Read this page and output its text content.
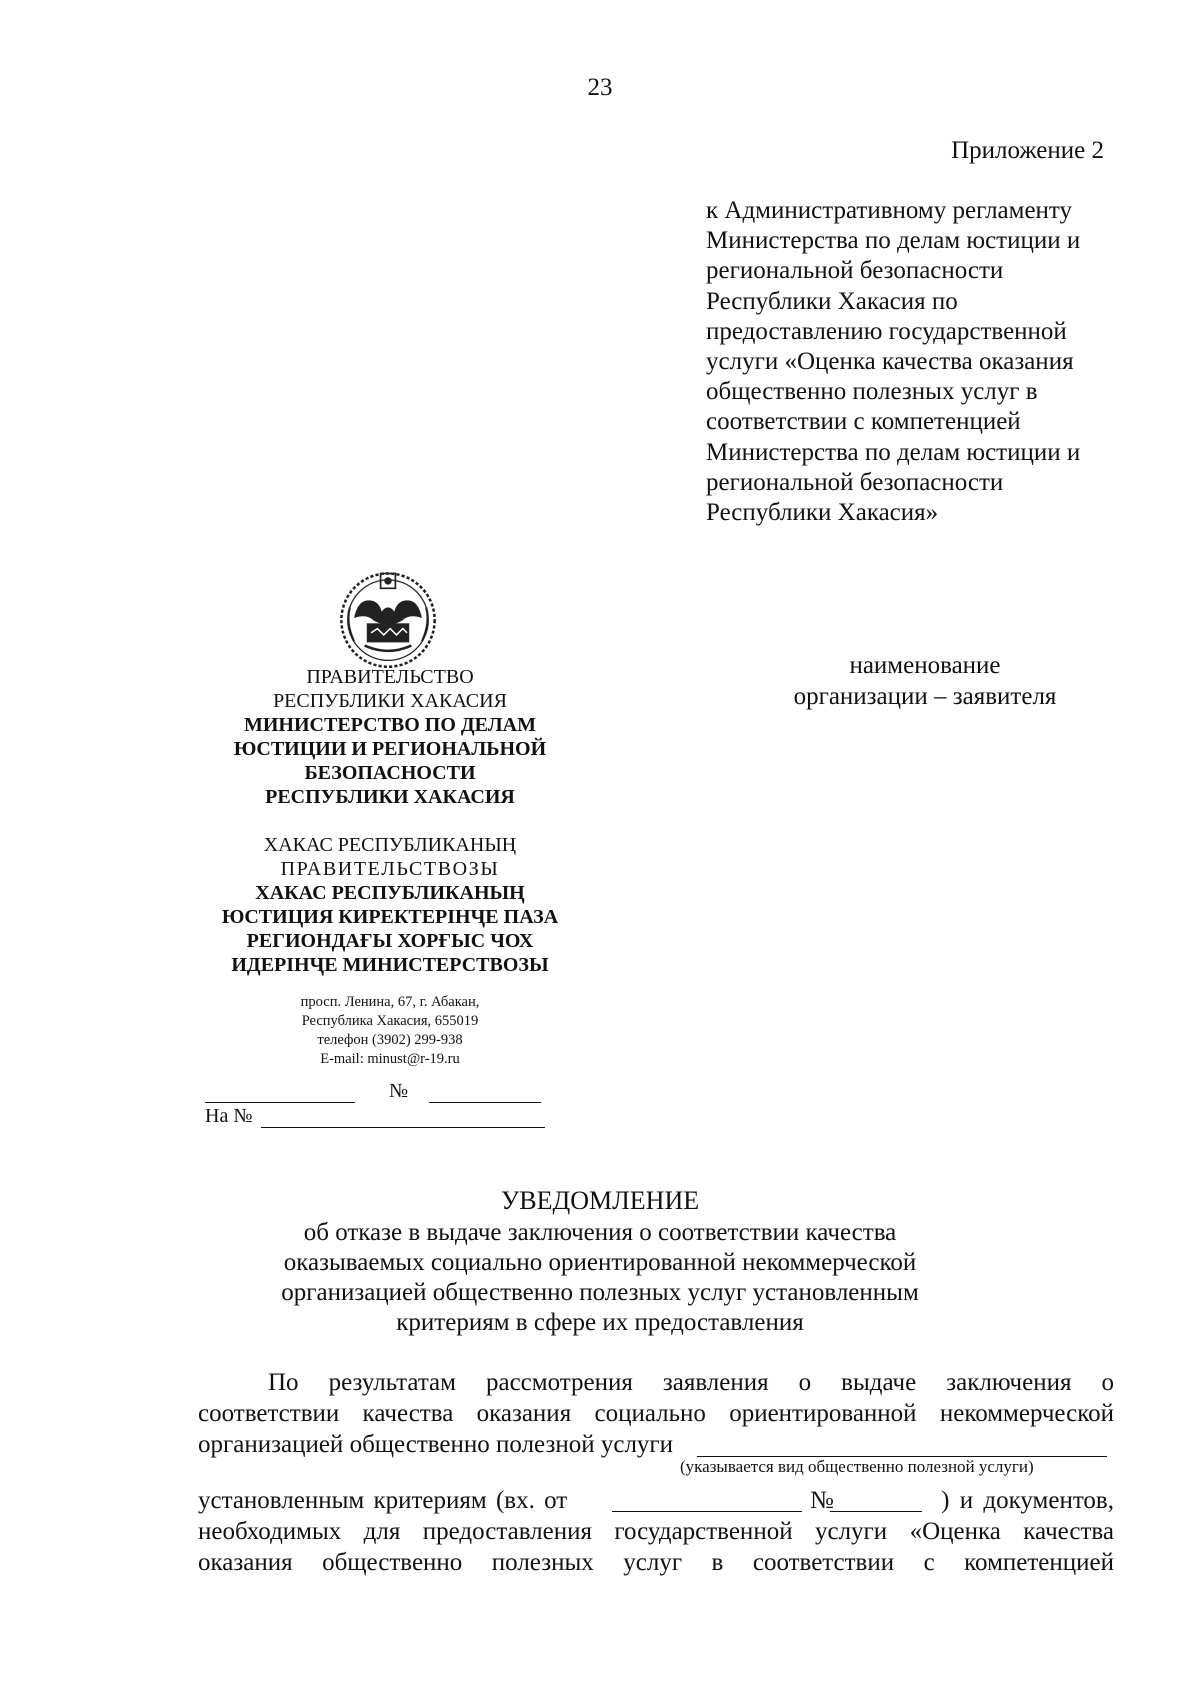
23
Приложение 2
к Административному регламенту
Министерства по делам юстиции и
региональной безопасности
Республики Хакасия по
предоставлению государственной
услуги «Оценка качества оказания
общественно полезных услуг в
соответствии с компетенцией
Министерства по делам юстиции и
региональной безопасности
Республики Хакасия»
наименование
организации – заявителя
ПРАВИТЕЛЬСТВО
РЕСПУБЛИКИ ХАКАСИЯ
МИНИСТЕРСТВО ПО ДЕЛАМ
ЮСТИЦИИ И РЕГИОНАЛЬНОЙ
БЕЗОПАСНОСТИ
РЕСПУБЛИКИ ХАКАСИЯ
ХАКАС РЕСПУБЛИКАНЫҢ
ПРАВИТЕЛЬСТВОЗЫ
ХАКАС РЕСПУБЛИКАНЫҢ
ЮСТИЦИЯ КИРЕКТЕРІНҶЕ ПАЗА
РЕГИОНДАҒЫ ХОРҒЫС ЧОХ
ИДЕРІНҶЕ МИНИСТЕРСТВОЗЫ
просп. Ленина, 67, г. Абакан,
Республика Хакасия, 655019
телефон (3902) 299-938
E-mail: minust@r-19.ru
№
На №
УВЕДОМЛЕНИЕ
об отказе в выдаче заключения о соответствии качества
оказываемых социально ориентированной некоммерческой
организацией общественно полезных услуг установленным
критериям в сфере их предоставления
По результатам рассмотрения заявления о выдаче заключения о
соответствии качества оказания социально ориентированной некоммерческой
организацией общественно полезной услуги
(указывается вид общественно полезной услуги)
установленным критериям (вх. от	№	) и документов,
необходимых для предоставления государственной услуги «Оценка качества
оказания общественно полезных услуг в соответствии с компетенцией
